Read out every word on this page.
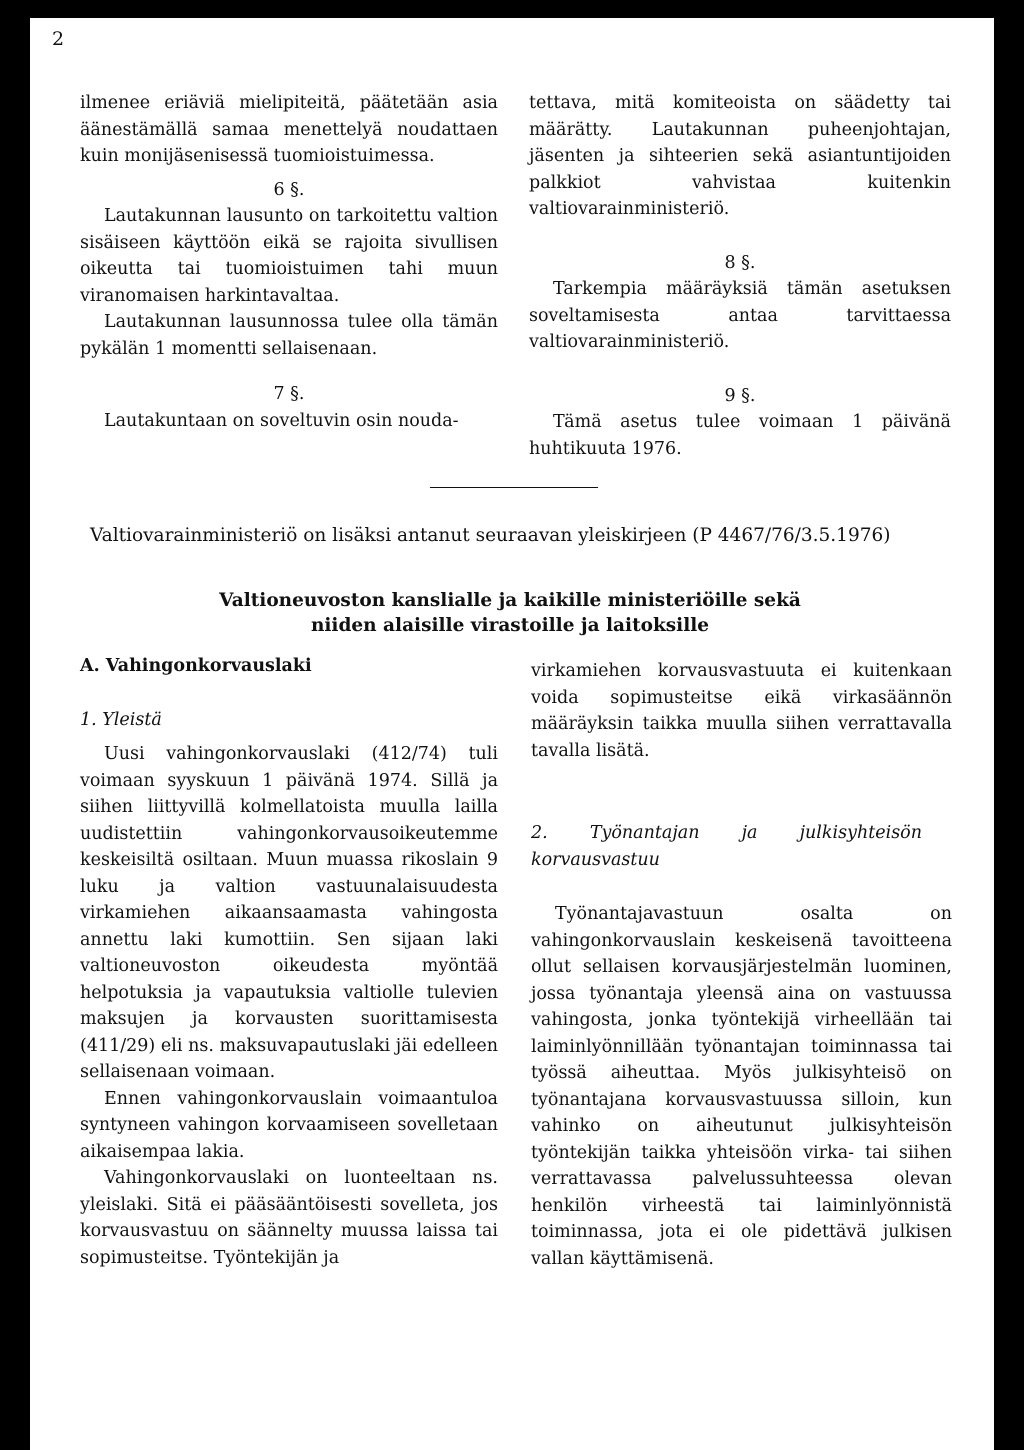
2

ilmenee eriäviä mielipiteitä, päätetään asia äänestämällä samaa menettelyä noudattaen kuin monijäsenisessä tuomioistuimessa.

6 §.

Lautakunnan lausunto on tarkoitettu valtion sisäiseen käyttöön eikä se rajoita sivullisen oikeutta tai tuomioistuimen tahi muun viranomaisen harkintavaltaa.

Lautakunnan lausunnossa tulee olla tämän pykälän 1 momentti sellaisenaan.

7 §.

Lautakuntaan on soveltuvin osin nouda-

tettava, mitä komiteoista on säädetty tai määrätty. Lautakunnan puheenjohtajan, jäsenten ja sihteerien sekä asiantuntijoiden palkkiot vahvistaa kuitenkin valtiovarainministeriö.

8 §.

Tarkempia määräyksiä tämän asetuksen soveltamisesta antaa tarvittaessa valtiovarainministeriö.

9 §.

Tämä asetus tulee voimaan 1 päivänä huhtikuuta 1976.

Valtiovarainministeriö on lisäksi antanut seuraavan yleiskirjeen (P 4467/76/3.5.1976)
Valtioneuvoston kanslialle ja kaikille ministeriöille sekä niiden alaisille virastoille ja laitoksille

A. Vahingonkorvauslaki

1. Yleistä

Uusi vahingonkorvauslaki (412/74) tuli voimaan syyskuun 1 päivänä 1974. Sillä ja siihen liittyvillä kolmellatoista muulla lailla uudistettiin vahingonkorvausoikeutemme keskeisiltä osiltaan. Muun muassa rikoslain 9 luku ja valtion vastuunalaisuudesta virkamiehen aikaansaamasta vahingosta annettu laki kumottiin. Sen sijaan laki valtioneuvoston oikeudesta myöntää helpotuksia ja vapautuksia valtiolle tulevien maksujen ja korvausten suorittamisesta (411/29) eli ns. maksuvapautuslaki jäi edelleen sellaisenaan voimaan.

Ennen vahingonkorvauslain voimaantuloa syntyneen vahingon korvaamiseen sovelletaan aikaisempaa lakia.

Vahingonkorvauslaki on luonteeltaan ns. yleislaki. Sitä ei pääsääntöisesti sovelleta, jos korvausvastuu on säännelty muussa laissa tai sopimusteitse. Työntekijän ja

virkamiehen korvausvastuuta ei kuitenkaan voida sopimusteitse eikä virkasäännön määräyksin taikka muulla siihen verrattavalla tavalla lisätä.

2. Työnantajan ja julkisyhteisön korvausvastuu

Työnantajavastuun osalta on vahingonkorvauslain keskeisenä tavoitteena ollut sellaisen korvausjärjestelmän luominen, jossa työnantaja yleensä aina on vastuussa vahingosta, jonka työntekijä virheellään tai laiminlyönnillään työnantajan toiminnassa tai työssä aiheuttaa. Myös julkisyhteisö on työnantajana korvausvastuussa silloin, kun vahinko on aiheutunut julkisyhteisön työntekijän taikka yhteisöön virka- tai siihen verrattavassa palvelussuhteessa olevan henkilön virheestä tai laiminlyönnistä toiminnassa, jota ei ole pidettävä julkisen vallan käyttämisenä.
